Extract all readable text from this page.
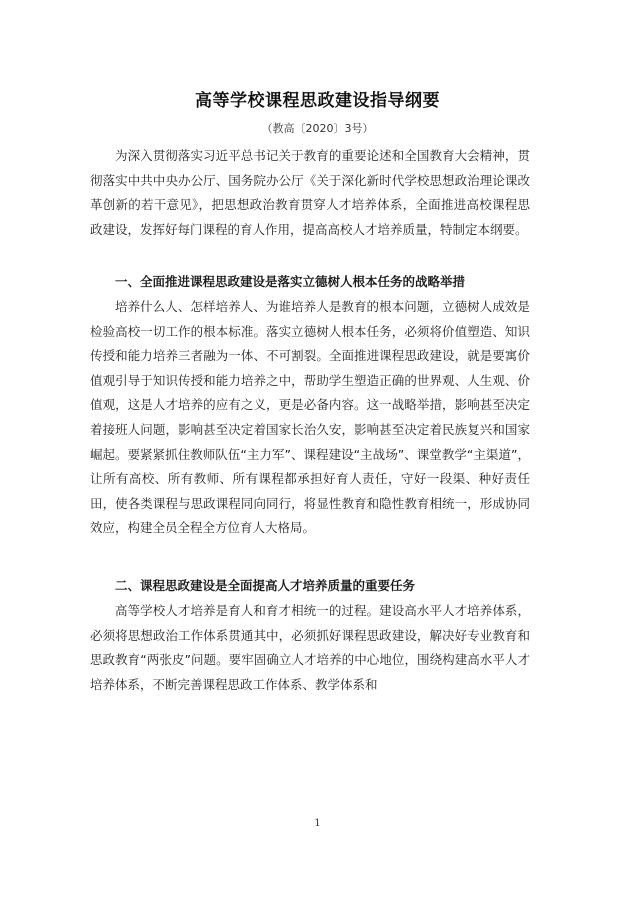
高等学校课程思政建设指导纲要
（教高〔2020〕3号）

为深入贯彻落实习近平总书记关于教育的重要论述和全国教育大会精神，贯彻落实中共中央办公厅、国务院办公厅《关于深化新时代学校思想政治理论课改革创新的若干意见》，把思想政治教育贯穿人才培养体系，全面推进高校课程思政建设，发挥好每门课程的育人作用，提高高校人才培养质量，特制定本纲要。

一、全面推进课程思政建设是落实立德树人根本任务的战略举措

培养什么人、怎样培养人、为谁培养人是教育的根本问题，立德树人成效是检验高校一切工作的根本标准。落实立德树人根本任务，必须将价值塑造、知识传授和能力培养三者融为一体、不可割裂。全面推进课程思政建设，就是要寓价值观引导于知识传授和能力培养之中，帮助学生塑造正确的世界观、人生观、价值观，这是人才培养的应有之义，更是必备内容。这一战略举措，影响甚至决定着接班人问题，影响甚至决定着国家长治久安，影响甚至决定着民族复兴和国家崛起。要紧紧抓住教师队伍“主力军”、课程建设“主战场”、课堂教学“主渠道”，让所有高校、所有教师、所有课程都承担好育人责任，守好一段渠、种好责任田，使各类课程与思政课程同向同行，将显性教育和隐性教育相统一，形成协同效应，构建全员全程全方位育人大格局。

二、课程思政建设是全面提高人才培养质量的重要任务

高等学校人才培养是育人和育才相统一的过程。建设高水平人才培养体系，必须将思想政治工作体系贯通其中，必须抓好课程思政建设，解决好专业教育和思政教育“两张皮”问题。要牢固确立人才培养的中心地位，围绕构建高水平人才培养体系，不断完善课程思政工作体系、教学体系和

1
